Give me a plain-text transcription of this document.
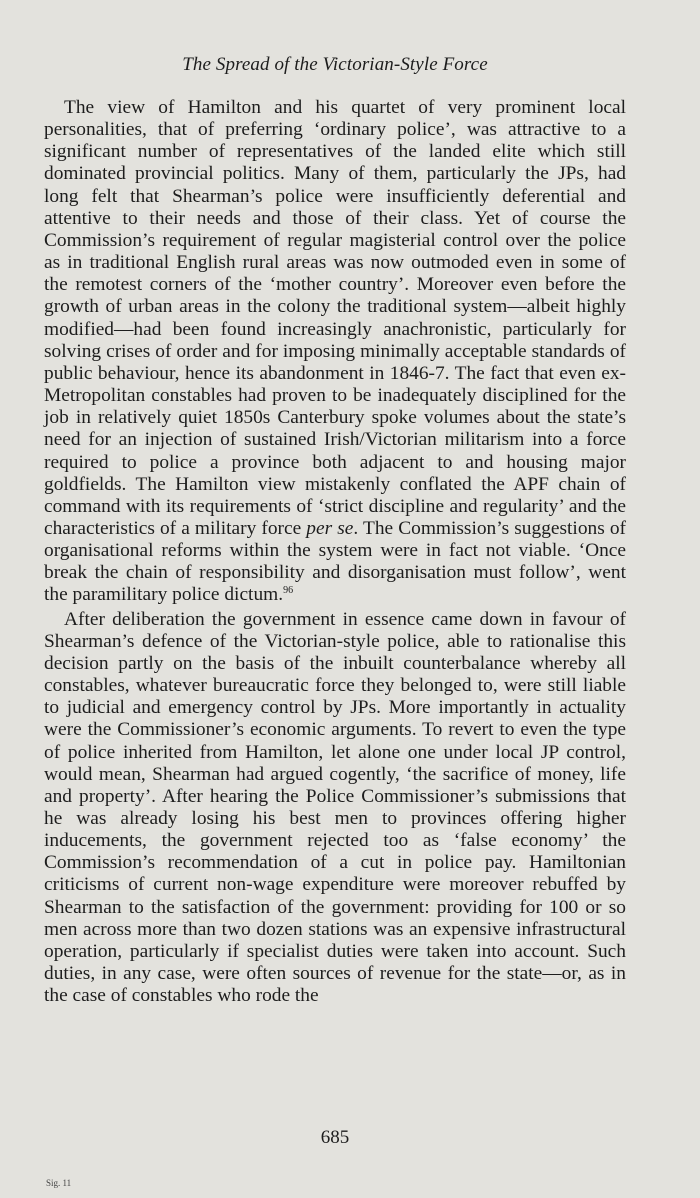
The Spread of the Victorian-Style Force

The view of Hamilton and his quartet of very prominent local personalities, that of preferring ‘ordinary police’, was attractive to a significant number of representatives of the landed elite which still dominated provincial politics. Many of them, particularly the JPs, had long felt that Shearman’s police were insufficiently deferential and attentive to their needs and those of their class. Yet of course the Commission’s requirement of regular magisterial control over the police as in traditional English rural areas was now outmoded even in some of the remotest corners of the ‘mother country’. Moreover even before the growth of urban areas in the colony the traditional system—albeit highly modified—had been found increasingly anachronistic, particularly for solving crises of order and for imposing minimally acceptable standards of public behaviour, hence its abandonment in 1846-7. The fact that even ex-Metropolitan constables had proven to be inadequately disciplined for the job in relatively quiet 1850s Canterbury spoke volumes about the state’s need for an injection of sustained Irish/Victorian militarism into a force required to police a province both adjacent to and housing major goldfields. The Hamilton view mistakenly conflated the APF chain of command with its requirements of ‘strict discipline and regularity’ and the characteristics of a military force per se. The Commission’s suggestions of organisational reforms within the system were in fact not viable. ‘Once break the chain of responsibility and disorganisation must follow’, went the paramilitary police dictum.$^{96}$

After deliberation the government in essence came down in favour of Shearman’s defence of the Victorian-style police, able to rationalise this decision partly on the basis of the inbuilt counterbalance whereby all constables, whatever bureaucratic force they belonged to, were still liable to judicial and emergency control by JPs. More importantly in actuality were the Commissioner’s economic arguments. To revert to even the type of police inherited from Hamilton, let alone one under local JP control, would mean, Shearman had argued cogently, ‘the sacrifice of money, life and property’. After hearing the Police Commissioner’s submissions that he was already losing his best men to provinces offering higher inducements, the government rejected too as ‘false economy’ the Commission’s recommendation of a cut in police pay. Hamiltonian criticisms of current non-wage expenditure were moreover rebuffed by Shearman to the satisfaction of the government: providing for 100 or so men across more than two dozen stations was an expensive infrastructural operation, particularly if specialist duties were taken into account. Such duties, in any case, were often sources of revenue for the state—or, as in the case of constables who rode the

685
Sig. 11
